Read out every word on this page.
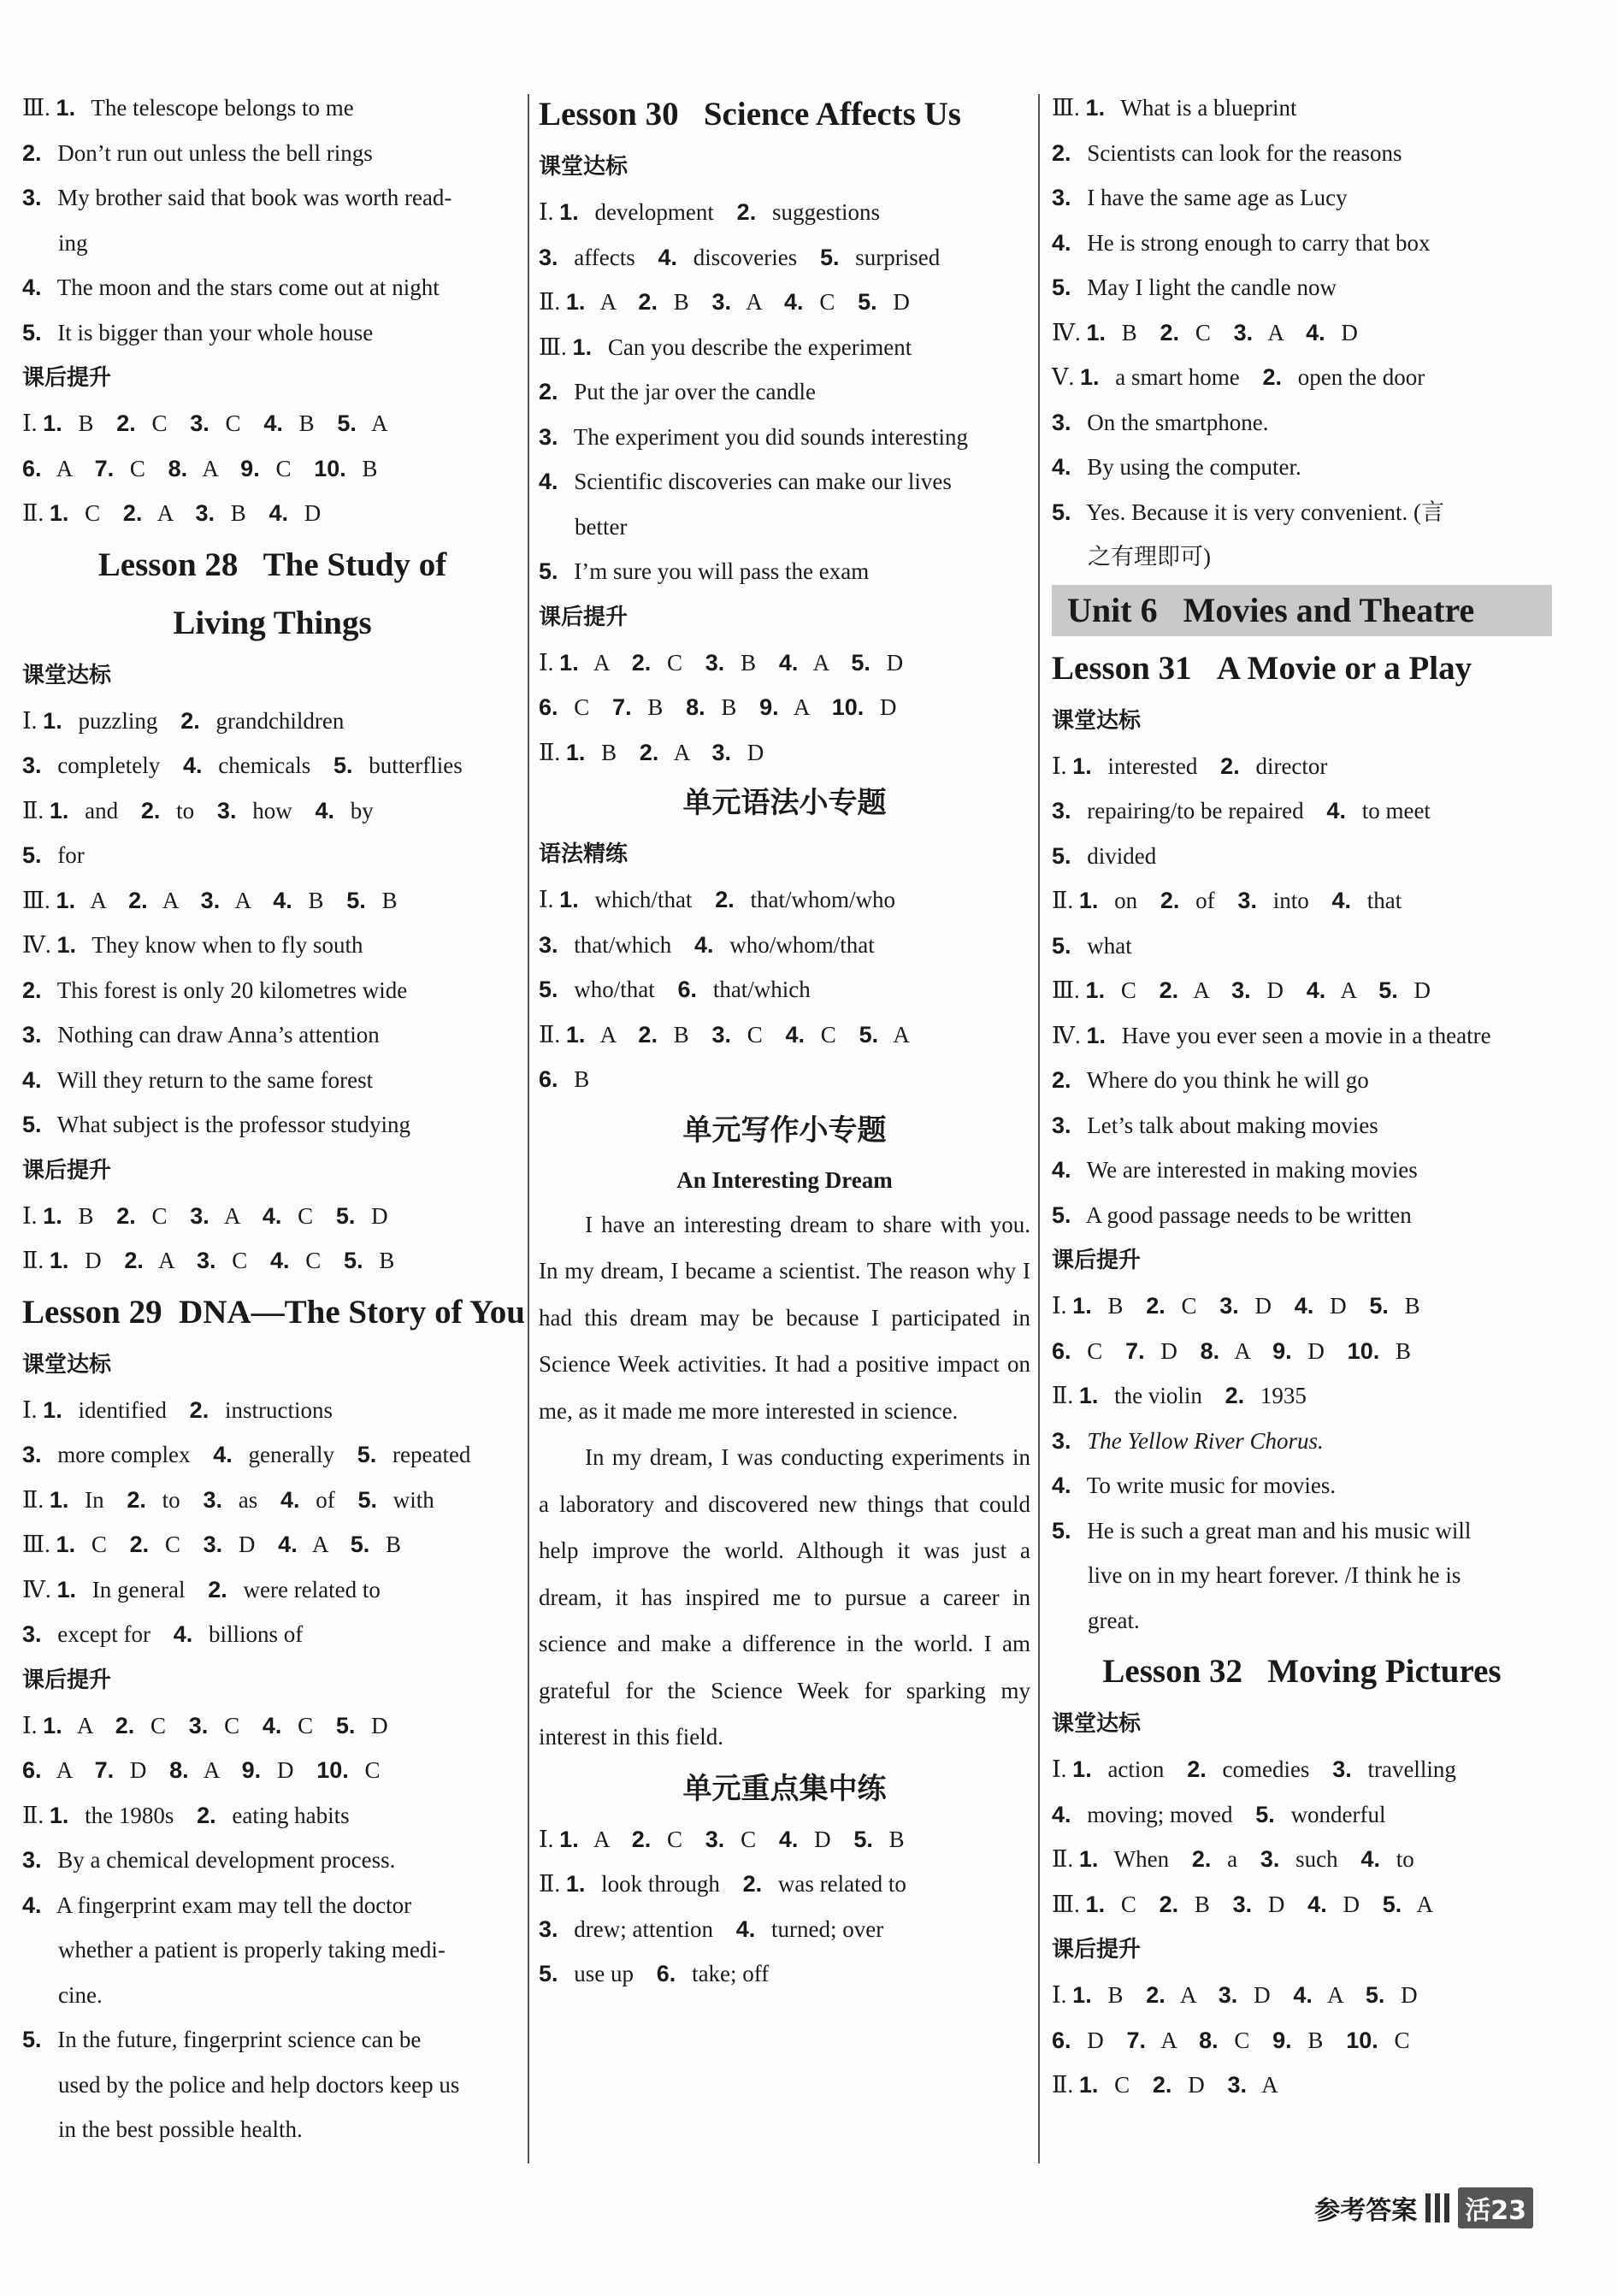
Ⅲ. 1. The telescope belongs to me
2. Don’t run out unless the bell rings
3. My brother said that book was worth read-
ing
4. The moon and the stars come out at night
5. It is bigger than your whole house
课后提升
Ⅰ. 1. B 2. C 3. C 4. B 5. A
6. A 7. C 8. A 9. C 10. B
Ⅱ. 1. C 2. A 3. B 4. D
Lesson 28   The Study of
Living Things
课堂达标
Ⅰ. 1. puzzling 2. grandchildren
3. completely 4. chemicals 5. butterflies
Ⅱ. 1. and 2. to 3. how 4. by
5. for
Ⅲ. 1. A 2. A 3. A 4. B 5. B
Ⅳ. 1. They know when to fly south
2. This forest is only 20 kilometres wide
3. Nothing can draw Anna’s attention
4. Will they return to the same forest
5. What subject is the professor studying
课后提升
Ⅰ. 1. B 2. C 3. A 4. C 5. D
Ⅱ. 1. D 2. A 3. C 4. C 5. B
Lesson 29  DNA—The Story of You
课堂达标
Ⅰ. 1. identified 2. instructions
3. more complex 4. generally 5. repeated
Ⅱ. 1. In 2. to 3. as 4. of 5. with
Ⅲ. 1. C 2. C 3. D 4. A 5. B
Ⅳ. 1. In general 2. were related to
3. except for 4. billions of
课后提升
Ⅰ. 1. A 2. C 3. C 4. C 5. D
6. A 7. D 8. A 9. D 10. C
Ⅱ. 1. the 1980s 2. eating habits
3. By a chemical development process.
4. A fingerprint exam may tell the doctor
whether a patient is properly taking medi-
cine.
5. In the future, fingerprint science can be
used by the police and help doctors keep us
in the best possible health.
Lesson 30   Science Affects Us
课堂达标
Ⅰ. 1. development 2. suggestions
3. affects 4. discoveries 5. surprised
Ⅱ. 1. A 2. B 3. A 4. C 5. D
Ⅲ. 1. Can you describe the experiment
2. Put the jar over the candle
3. The experiment you did sounds interesting
4. Scientific discoveries can make our lives
better
5. I’m sure you will pass the exam
课后提升
Ⅰ. 1. A 2. C 3. B 4. A 5. D
6. C 7. B 8. B 9. A 10. D
Ⅱ. 1. B 2. A 3. D
单元语法小专题
语法精练
Ⅰ. 1. which/that 2. that/whom/who
3. that/which 4. who/whom/that
5. who/that 6. that/which
Ⅱ. 1. A 2. B 3. C 4. C 5. A
6. B
单元写作小专题
An Interesting Dream

I have an interesting dream to share with you. In my dream, I became a scientist. The reason why I had this dream may be because I participated in Science Week activities. It had a positive impact on me, as it made me more interested in science.

In my dream, I was conducting experiments in a laboratory and discovered new things that could help improve the world. Although it was just a dream, it has inspired me to pursue a career in science and make a difference in the world. I am grateful for the Science Week for sparking my interest in this field.

单元重点集中练
Ⅰ. 1. A 2. C 3. C 4. D 5. B
Ⅱ. 1. look through 2. was related to
3. drew; attention 4. turned; over
5. use up 6. take; off
Ⅲ. 1. What is a blueprint
2. Scientists can look for the reasons
3. I have the same age as Lucy
4. He is strong enough to carry that box
5. May I light the candle now
Ⅳ. 1. B 2. C 3. A 4. D
Ⅴ. 1. a smart home 2. open the door
3. On the smartphone.
4. By using the computer.
5. Yes. Because it is very convenient. (言
之有理即可)
Unit 6   Movies and Theatre
Lesson 31   A Movie or a Play
课堂达标
Ⅰ. 1. interested 2. director
3. repairing/to be repaired 4. to meet
5. divided
Ⅱ. 1. on 2. of 3. into 4. that
5. what
Ⅲ. 1. C 2. A 3. D 4. A 5. D
Ⅳ. 1. Have you ever seen a movie in a theatre
2. Where do you think he will go
3. Let’s talk about making movies
4. We are interested in making movies
5. A good passage needs to be written
课后提升
Ⅰ. 1. B 2. C 3. D 4. D 5. B
6. C 7. D 8. A 9. D 10. B
Ⅱ. 1. the violin 2. 1935
3. The Yellow River Chorus.
4. To write music for movies.
5. He is such a great man and his music will
live on in my heart forever. /I think he is
great.
Lesson 32   Moving Pictures
课堂达标
Ⅰ. 1. action 2. comedies 3. travelling
4. moving; moved 5. wonderful
Ⅱ. 1. When 2. a 3. such 4. to
Ⅲ. 1. C 2. B 3. D 4. D 5. A
课后提升
Ⅰ. 1. B 2. A 3. D 4. A 5. D
6. D 7. A 8. C 9. B 10. C
Ⅱ. 1. C 2. D 3. A
参考答案 活23
